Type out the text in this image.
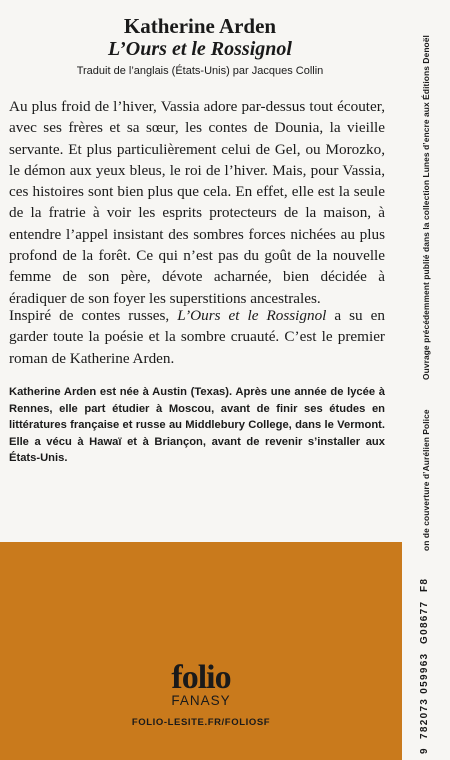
Katherine Arden
L’Ours et le Rossignol
Traduit de l’anglais (États-Unis) par Jacques Collin
Au plus froid de l’hiver, Vassia adore par-dessus tout écouter, avec ses frères et sa sœur, les contes de Dounia, la vieille servante. Et plus particulièrement celui de Gel, ou Morozko, le démon aux yeux bleus, le roi de l’hiver. Mais, pour Vassia, ces histoires sont bien plus que cela. En effet, elle est la seule de la fratrie à voir les esprits protecteurs de la maison, à entendre l’appel insistant des sombres forces nichées au plus profond de la forêt. Ce qui n’est pas du goût de la nouvelle femme de son père, dévote acharnée, bien décidée à éradiquer de son foyer les superstitions ancestrales.
Inspiré de contes russes, L’Ours et le Rossignol a su en garder toute la poésie et la sombre cruauté. C’est le premier roman de Katherine Arden.
Katherine Arden est née à Austin (Texas). Après une année de lycée à Rennes, elle part étudier à Moscou, avant de finir ses études en littératures française et russe au Middlebury College, dans le Vermont. Elle a vécu à Hawaï et à Briançon, avant de revenir s’installer aux États-Unis.
Ouvrage précédemment publié dans la collection Lunes d’encre aux Éditions Denoël
on de couverture d’Aurélien Police
9
782073 059963
G08677
F8
folio
FANASY
FOLIO-LESITE.FR/FOLIOSF
